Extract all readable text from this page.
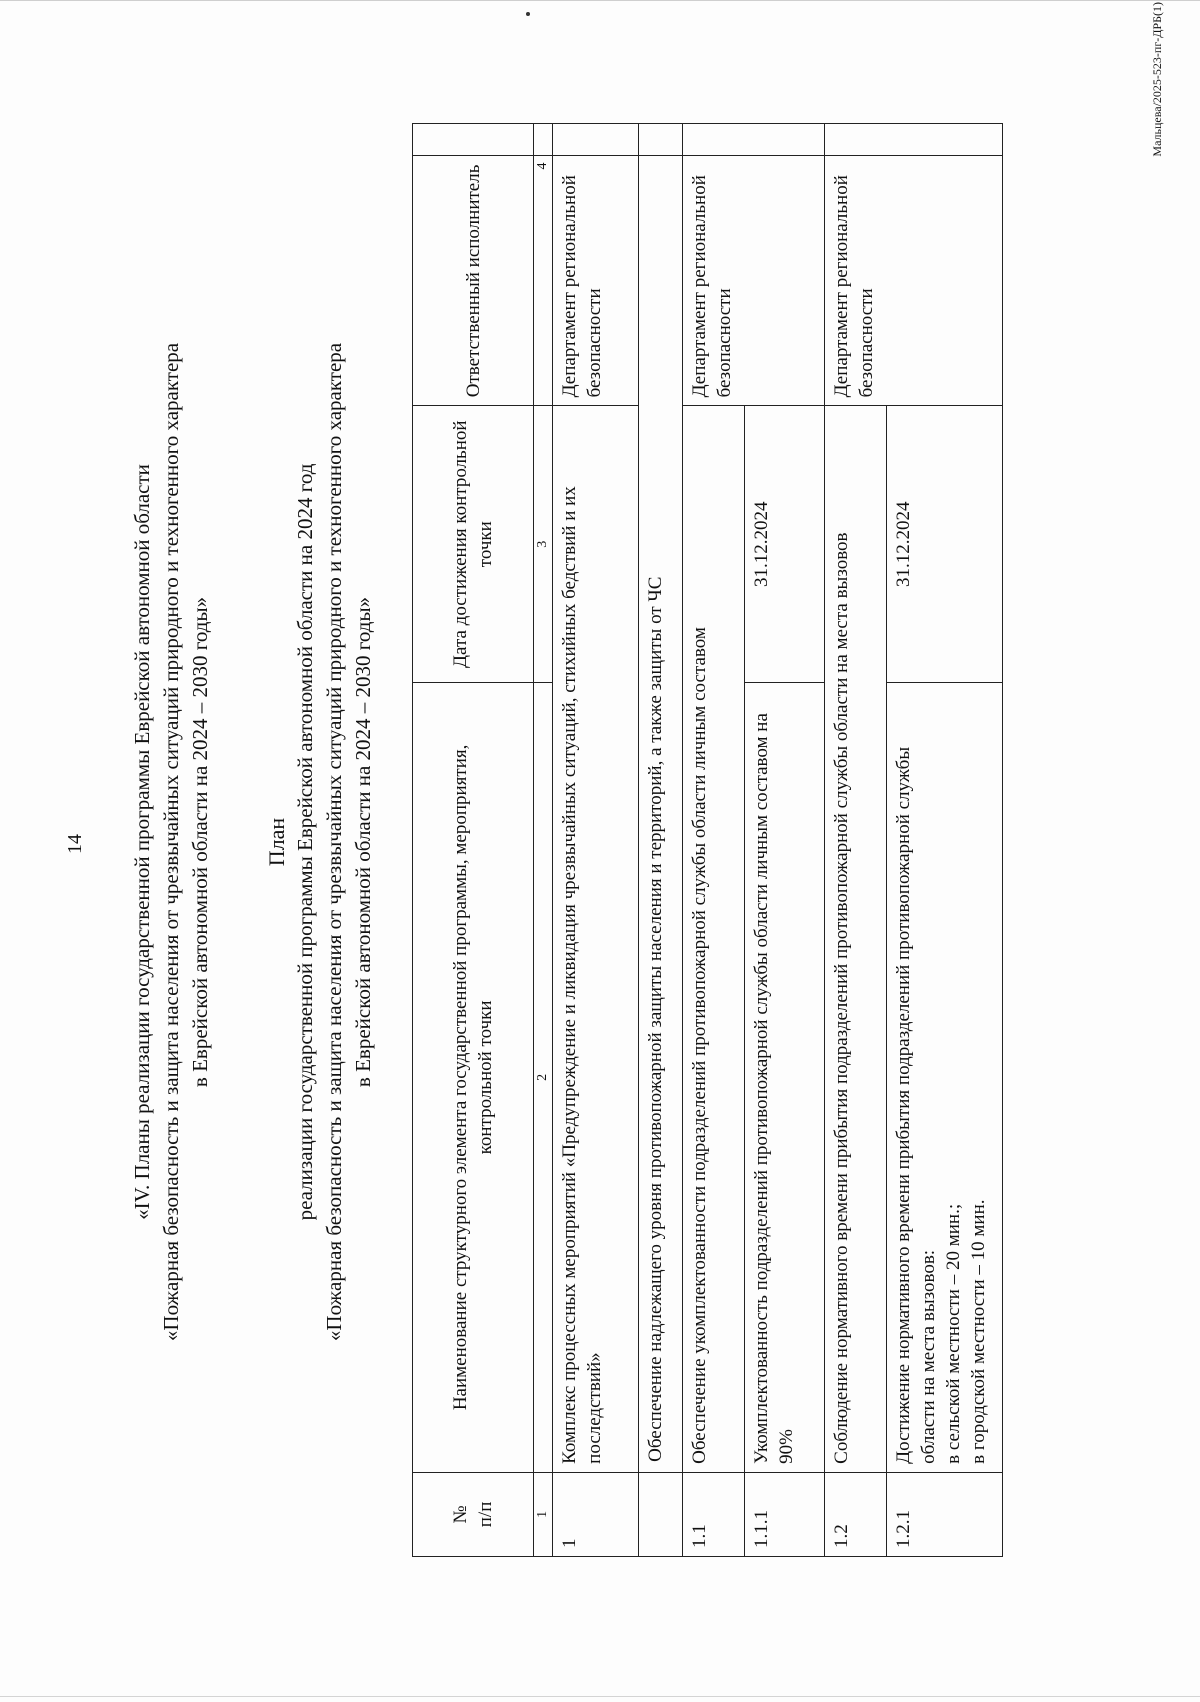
14 «IV. Планы реализации государственной программы Еврейской автономной области «Пожарная безопасность и защита населения от чрезвычайных ситуаций природного и техногенного характера в Еврейской автономной области на 2024 – 2030 годы» План реализации государственной программы Еврейской автономной области на 2024 год «Пожарная безопасность и защита населения от чрезвычайных ситуаций природного и техногенного характера в Еврейской автономной области на 2024 – 2030 годы»
№
п/п	Наименование структурного элемента государственной программы, мероприятия, контрольной точки	Дата достижения контрольной точки	Ответственный исполнитель	
1	2	3	4	
1	Комплекс процессных мероприятий «Предупреждение и ликвидация чрезвычайных ситуаций, стихийных бедствий и их последствий»		Департамент региональной безопасности	
	Обеспечение надлежащего уровня противопожарной защиты населения и территорий, а также защиты от ЧС			
1.1	Обеспечение укомплектованности подразделений противопожарной службы области личным составом		Департамент региональной безопасности	
1.1.1	Укомплектованность подразделений противопожарной службы области личным составом на 90%	31.12.2024		
1.2	Соблюдение нормативного времени прибытия подразделений противопожарной службы области на места вызовов		Департамент региональной безопасности	
1.2.1	Достижение нормативного времени прибытия подразделений противопожарной службы области на места вызовов: в сельской местности – 20 мин.; в городской местности – 10 мин.	31.12.2024		
Мальцева/2025-523-пг-ДРБ(1)
